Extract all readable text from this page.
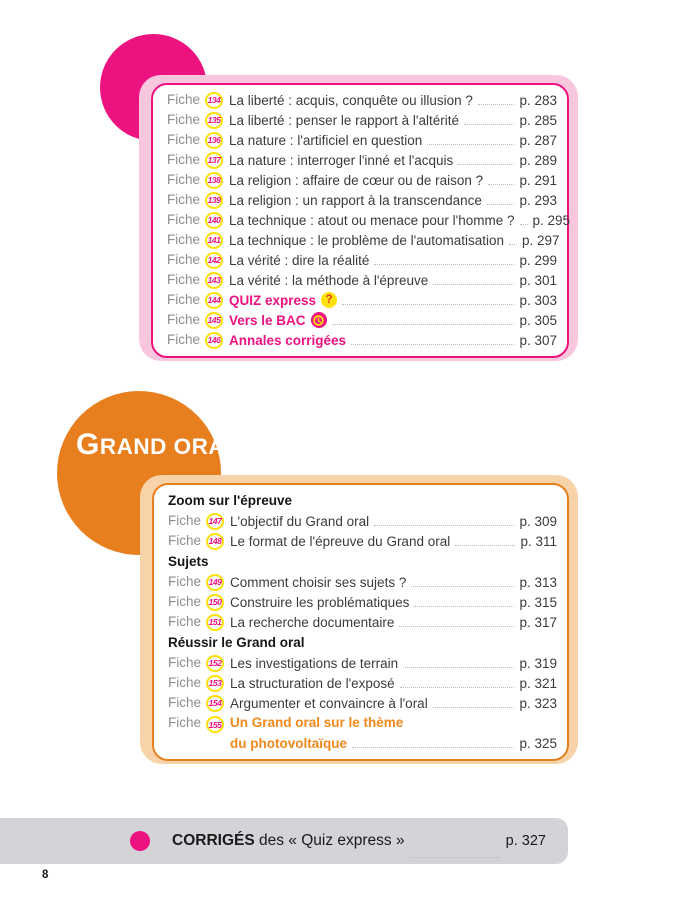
GRAND ORAL
Fiche 134 La liberté : acquis, conquête ou illusion ?	p. 283
Fiche 135 La liberté : penser le rapport à l'altérité	p. 285
Fiche 136 La nature : l'artificiel en question	p. 287
Fiche 137 La nature : interroger l'inné et l'acquis	p. 289
Fiche 138 La religion : affaire de cœur ou de raison ?	p. 291
Fiche 139 La religion : un rapport à la transcendance	p. 293
Fiche 140 La technique : atout ou menace pour l'homme ? p. 295
Fiche 141 La technique : le problème de l'automatisation p. 297
Fiche 142 La vérité : dire la réalité	p. 299
Fiche 143 La vérité : la méthode à l'épreuve	p. 301
Fiche 144 QUIZ express ?	p. 303
Fiche 145 Vers le BAC	p. 305
Fiche 146 Annales corrigées	p. 307
Zoom sur l'épreuve
Fiche 147 L'objectif du Grand oral	p. 309
Fiche 148 Le format de l'épreuve du Grand oral	p. 311
Sujets
Fiche 149 Comment choisir ses sujets ?	p. 313
Fiche 150 Construire les problématiques	p. 315
Fiche 151 La recherche documentaire	p. 317
Réussir le Grand oral
Fiche 152 Les investigations de terrain	p. 319
Fiche 153 La structuration de l'exposé	p. 321
Fiche 154 Argumenter et convaincre à l'oral	p. 323
Fiche 155 Un Grand oral sur le thème
du photovoltaïque	p. 325
CORRIGÉS des « Quiz express »	p. 327
8
